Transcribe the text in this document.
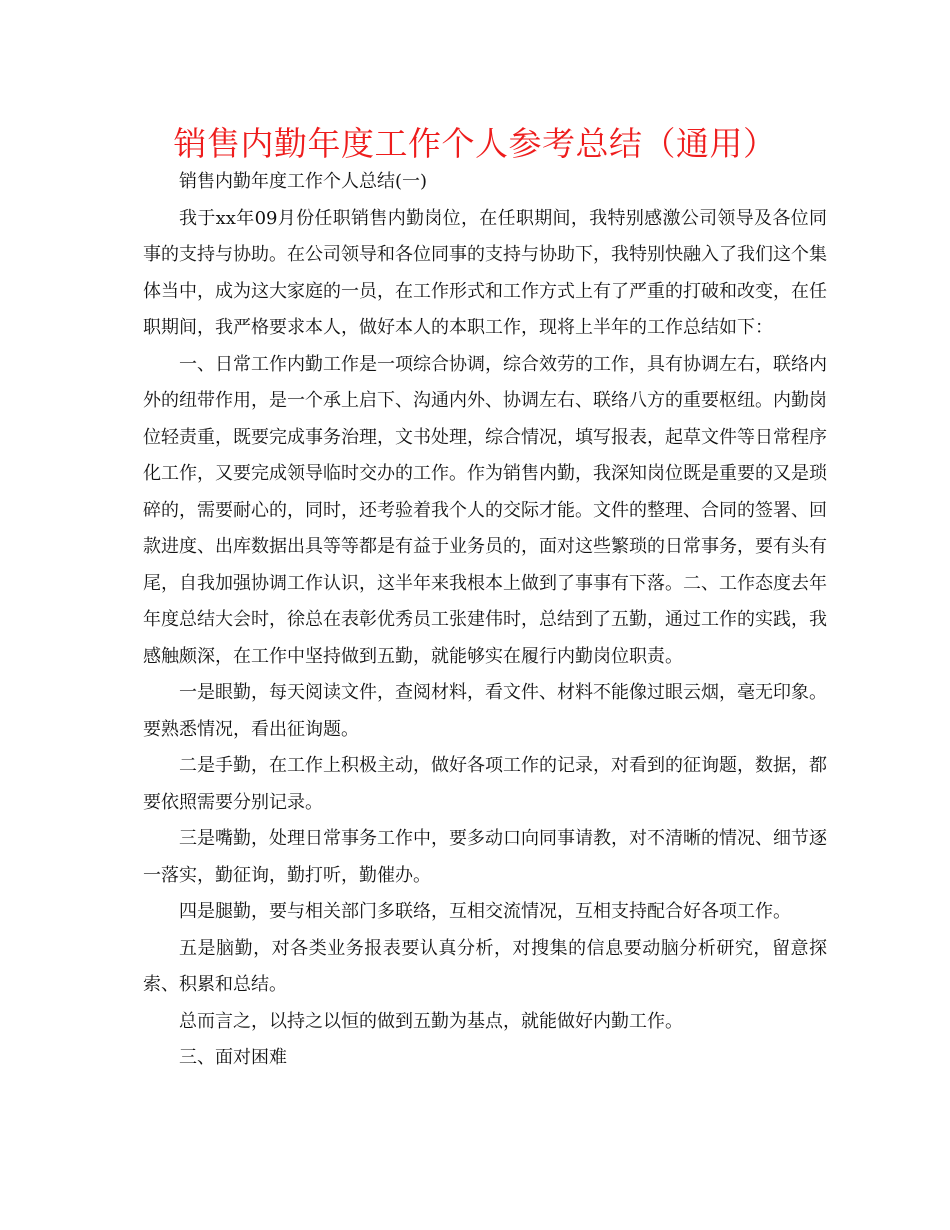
销售内勤年度工作个人参考总结（通用）

销售内勤年度工作个人总结(一)

我于xx年09月份任职销售内勤岗位，在任职期间，我特别感激公司领导及各位同事的支持与协助。在公司领导和各位同事的支持与协助下，我特别快融入了我们这个集体当中，成为这大家庭的一员，在工作形式和工作方式上有了严重的打破和改变，在任职期间，我严格要求本人，做好本人的本职工作，现将上半年的工作总结如下：

一、日常工作内勤工作是一项综合协调，综合效劳的工作，具有协调左右，联络内外的纽带作用，是一个承上启下、沟通内外、协调左右、联络八方的重要枢纽。内勤岗位轻责重，既要完成事务治理，文书处理，综合情况，填写报表，起草文件等日常程序化工作，又要完成领导临时交办的工作。作为销售内勤，我深知岗位既是重要的又是琐碎的，需要耐心的，同时，还考验着我个人的交际才能。文件的整理、合同的签署、回款进度、出库数据出具等等都是有益于业务员的，面对这些繁琐的日常事务，要有头有尾，自我加强协调工作认识，这半年来我根本上做到了事事有下落。二、工作态度去年年度总结大会时，徐总在表彰优秀员工张建伟时，总结到了五勤，通过工作的实践，我感触颇深，在工作中坚持做到五勤，就能够实在履行内勤岗位职责。

一是眼勤，每天阅读文件，查阅材料，看文件、材料不能像过眼云烟，毫无印象。要熟悉情况，看出征询题。

二是手勤，在工作上积极主动，做好各项工作的记录，对看到的征询题，数据，都要依照需要分别记录。

三是嘴勤，处理日常事务工作中，要多动口向同事请教，对不清晰的情况、细节逐一落实，勤征询，勤打听，勤催办。

四是腿勤，要与相关部门多联络，互相交流情况，互相支持配合好各项工作。

五是脑勤，对各类业务报表要认真分析，对搜集的信息要动脑分析研究，留意探索、积累和总结。

总而言之，以持之以恒的做到五勤为基点，就能做好内勤工作。

三、面对困难
